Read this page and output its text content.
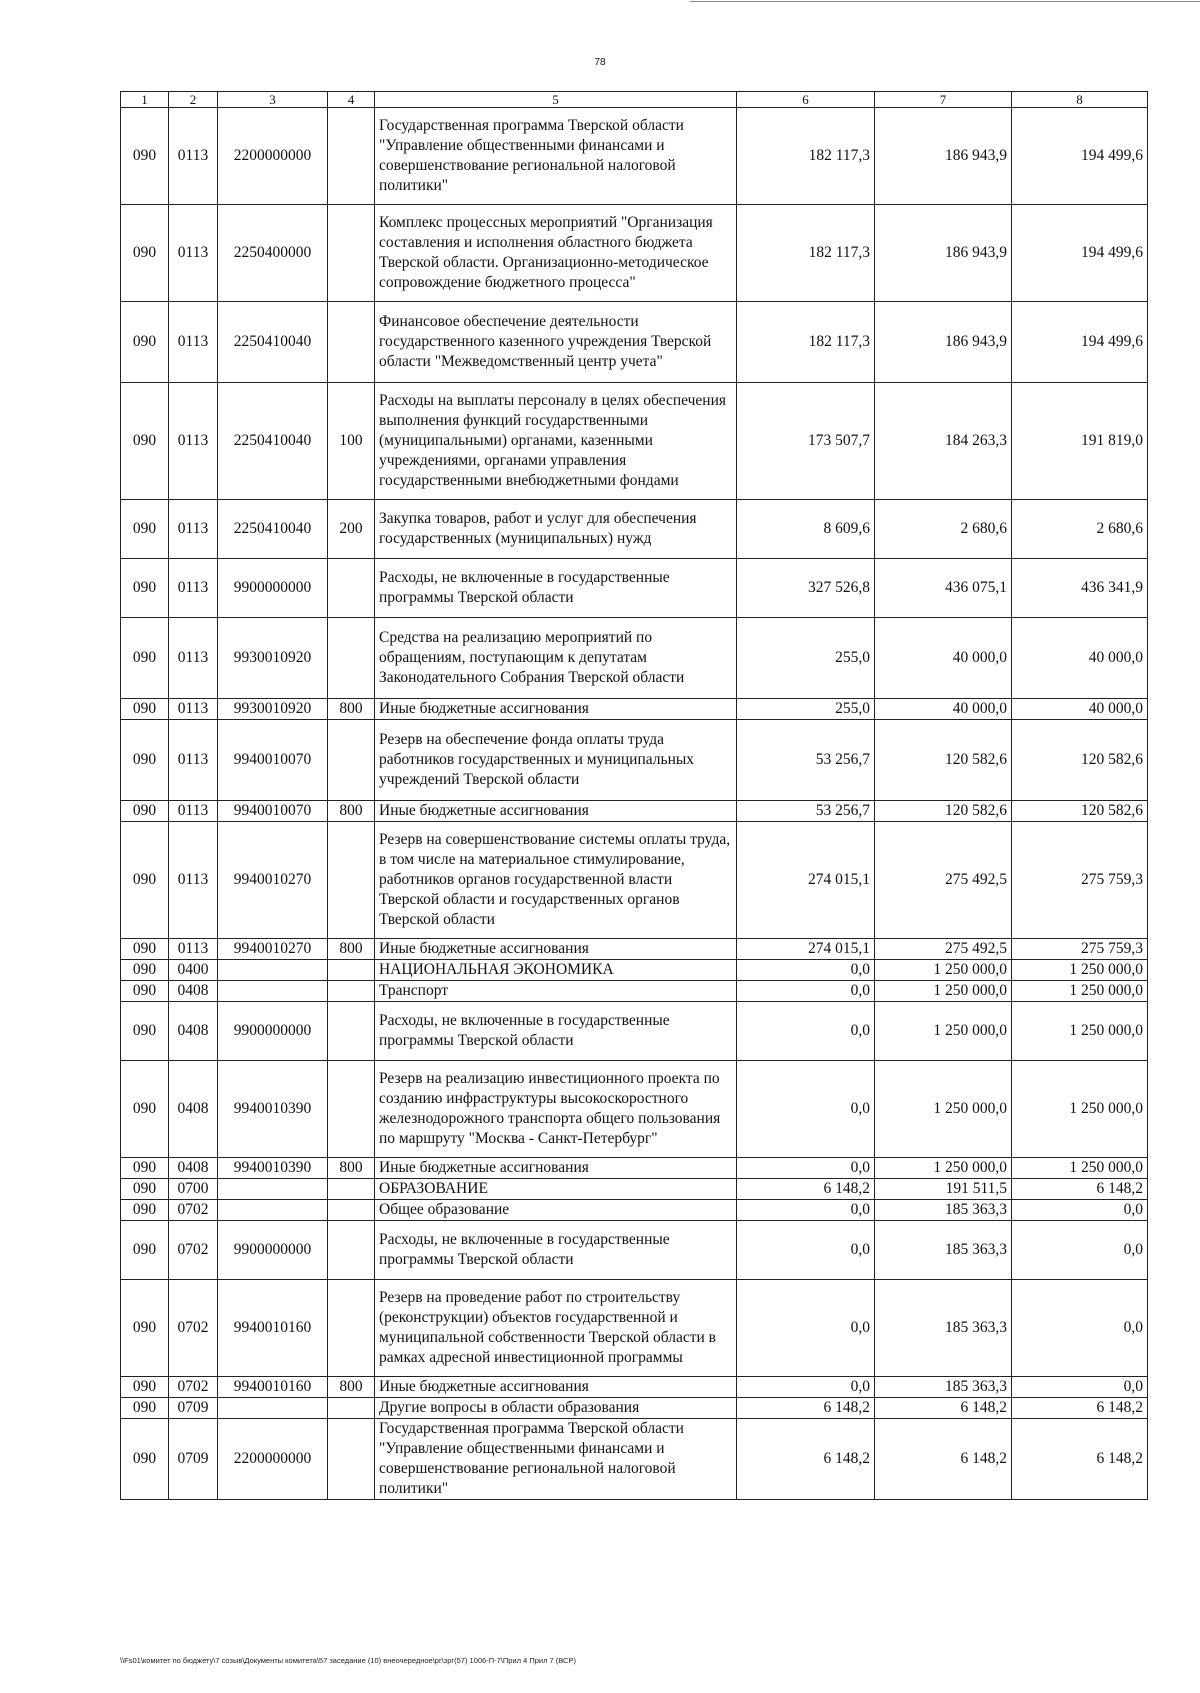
78
1	2	3	4	5	6	7	8
090	0113	2200000000		Государственная программа Тверской области "Управление общественными финансами и совершенствование региональной налоговой политики"	182 117,3	186 943,9	194 499,6
090	0113	2250400000		Комплекс процессных мероприятий "Организация составления и исполнения областного бюджета Тверской области. Организационно-методическое сопровождение бюджетного процесса"	182 117,3	186 943,9	194 499,6
090	0113	2250410040		Финансовое обеспечение деятельности государственного казенного учреждения Тверской области "Межведомственный центр учета"	182 117,3	186 943,9	194 499,6
090	0113	2250410040	100	Расходы на выплаты персоналу в целях обеспечения выполнения функций государственными (муниципальными) органами, казенными учреждениями, органами управления государственными внебюджетными фондами	173 507,7	184 263,3	191 819,0
090	0113	2250410040	200	Закупка товаров, работ и услуг для обеспечения государственных (муниципальных) нужд	8 609,6	2 680,6	2 680,6
090	0113	9900000000		Расходы, не включенные в государственные программы Тверской области	327 526,8	436 075,1	436 341,9
090	0113	9930010920		Средства на реализацию мероприятий по обращениям, поступающим к депутатам Законодательного Собрания Тверской области	255,0	40 000,0	40 000,0
090	0113	9930010920	800	Иные бюджетные ассигнования	255,0	40 000,0	40 000,0
090	0113	9940010070		Резерв на обеспечение фонда оплаты труда работников государственных и муниципальных учреждений Тверской области	53 256,7	120 582,6	120 582,6
090	0113	9940010070	800	Иные бюджетные ассигнования	53 256,7	120 582,6	120 582,6
090	0113	9940010270		Резерв на совершенствование системы оплаты труда, в том числе на материальное стимулирование, работников органов государственной власти Тверской области и государственных органов Тверской области	274 015,1	275 492,5	275 759,3
090	0113	9940010270	800	Иные бюджетные ассигнования	274 015,1	275 492,5	275 759,3
090	0400			НАЦИОНАЛЬНАЯ ЭКОНОМИКА	0,0	1 250 000,0	1 250 000,0
090	0408			Транспорт	0,0	1 250 000,0	1 250 000,0
090	0408	9900000000		Расходы, не включенные в государственные программы Тверской области	0,0	1 250 000,0	1 250 000,0
090	0408	9940010390		Резерв на реализацию инвестиционного проекта по созданию инфраструктуры высокоскоростного железнодорожного транспорта общего пользования по маршруту "Москва - Санкт-Петербург"	0,0	1 250 000,0	1 250 000,0
090	0408	9940010390	800	Иные бюджетные ассигнования	0,0	1 250 000,0	1 250 000,0
090	0700			ОБРАЗОВАНИЕ	6 148,2	191 511,5	6 148,2
090	0702			Общее образование	0,0	185 363,3	0,0
090	0702	9900000000		Расходы, не включенные в государственные программы Тверской области	0,0	185 363,3	0,0
090	0702	9940010160		Резерв на проведение работ по строительству (реконструкции) объектов государственной и муниципальной собственности Тверской области в рамках адресной инвестиционной программы	0,0	185 363,3	0,0
090	0702	9940010160	800	Иные бюджетные ассигнования	0,0	185 363,3	0,0
090	0709			Другие вопросы в области образования	6 148,2	6 148,2	6 148,2
090	0709	2200000000		Государственная программа Тверской области "Управление общественными финансами и совершенствование региональной налоговой политики"	6 148,2	6 148,2	6 148,2
\\Fs01\комитет по бюджету\7 созыв\Документы комитета\57 заседание (10) внеочередное\рг\зрг(57) 1006-П-7\Прил 4 Прил 7 (ВСР)
